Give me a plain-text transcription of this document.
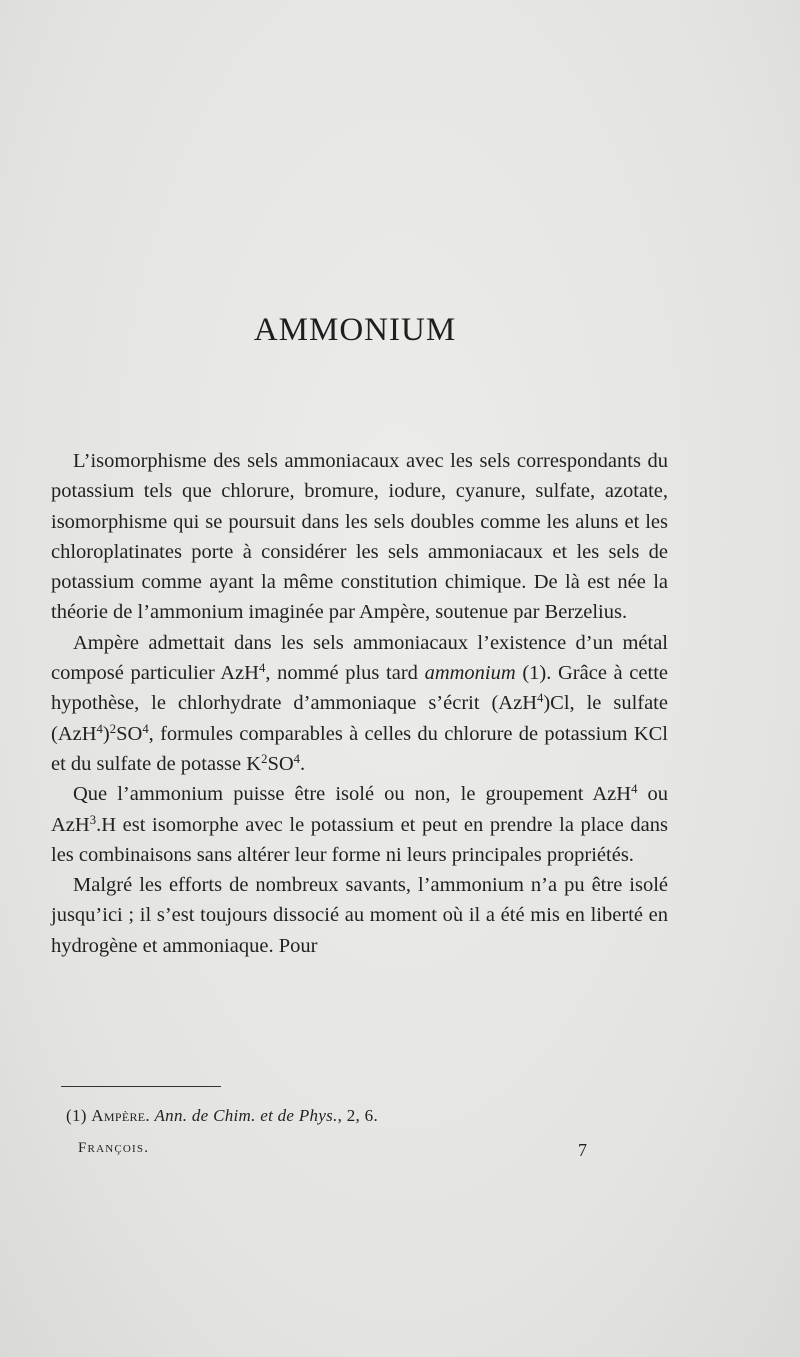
AMMONIUM

L’isomorphisme des sels ammoniacaux avec les sels correspondants du potassium tels que chlorure, bromure, iodure, cyanure, sulfate, azotate, isomorphisme qui se poursuit dans les sels doubles comme les aluns et les chloroplatinates porte à considérer les sels ammoniacaux et les sels de potassium comme ayant la même constitution chimique. De là est née la théorie de l’ammonium imaginée par Ampère, soutenue par Berzelius.

Ampère admettait dans les sels ammoniacaux l’existence d’un métal composé particulier AzH$^4$, nommé plus tard ammonium (1). Grâce à cette hypothèse, le chlorhydrate d’ammoniaque s’écrit (AzH$^4$)Cl, le sulfate $(AzH^4)^2SO^4$, formules comparables à celles du chlorure de potassium KCl et du sulfate de potasse $K^2SO^4$.

Que l’ammonium puisse être isolé ou non, le groupement AzH$^4$ ou AzH$^3$.H est isomorphe avec le potassium et peut en prendre la place dans les combinaisons sans altérer leur forme ni leurs principales propriétés.

Malgré les efforts de nombreux savants, l’ammonium n’a pu être isolé jusqu’ici ; il s’est toujours dissocié au moment où il a été mis en liberté en hydrogène et ammoniaque. Pour

(1) Ampère. Ann. de Chim. et de Phys., 2, 6.
François.	7
